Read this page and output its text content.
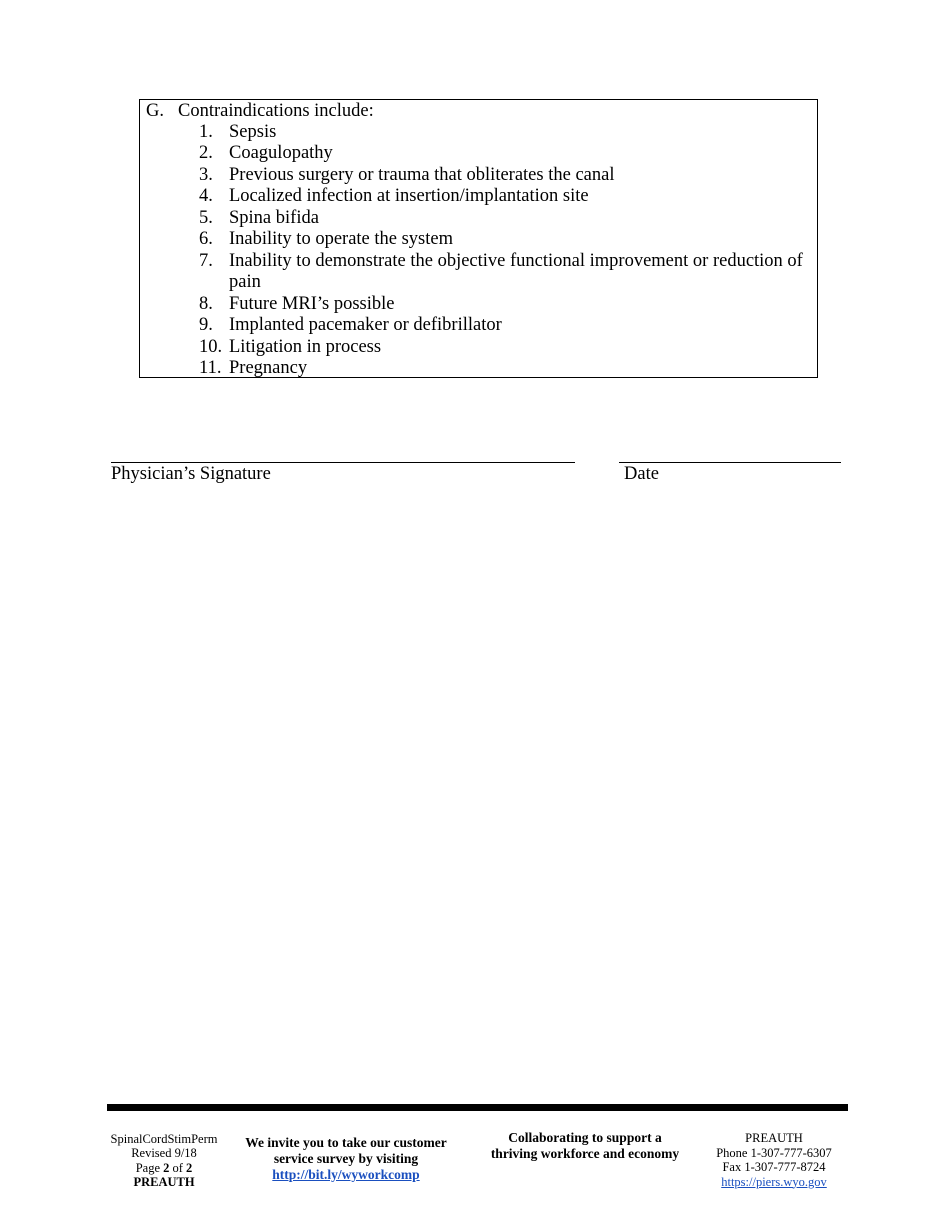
G. Contraindications include:
1. Sepsis
2. Coagulopathy
3. Previous surgery or trauma that obliterates the canal
4. Localized infection at insertion/implantation site
5. Spina bifida
6. Inability to operate the system
7. Inability to demonstrate the objective functional improvement or reduction of pain
8. Future MRI’s possible
9. Implanted pacemaker or defibrillator
10. Litigation in process
11. Pregnancy
Physician’s Signature	Date
SpinalCordStimPerm
Revised 9/18
Page 2 of 2
PREAUTH
We invite you to take our customer
service survey by visiting
http://bit.ly/wyworkcomp
Collaborating to support a
thriving workforce and economy
PREAUTH
Phone 1-307-777-6307
Fax 1-307-777-8724
https://piers.wyo.gov
